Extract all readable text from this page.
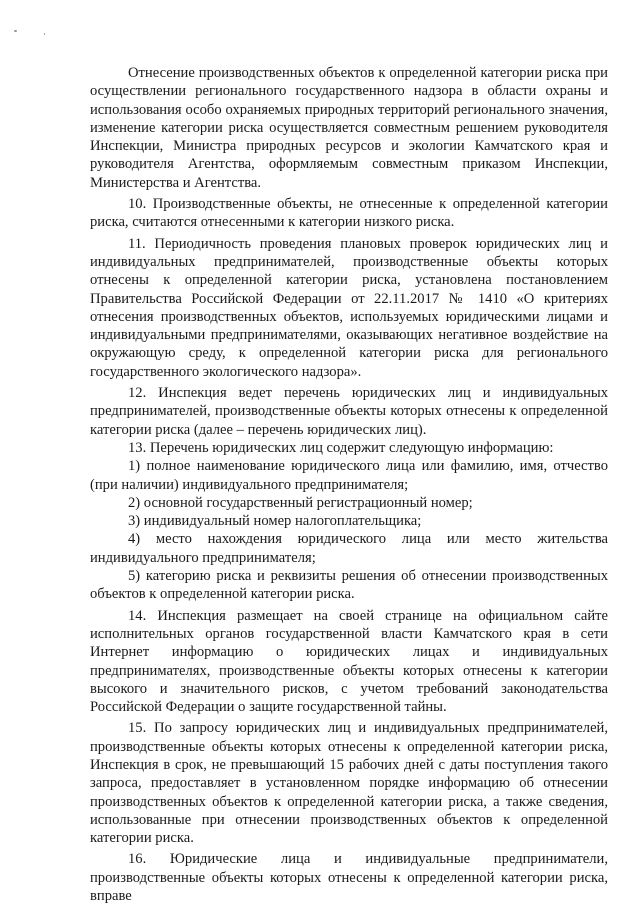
Отнесение производственных объектов к определенной категории риска при осуществлении регионального государственного надзора в области охраны и использования особо охраняемых природных территорий регионального значения, изменение категории риска осуществляется совместным решением руководителя Инспекции, Министра природных ресурсов и экологии Камчатского края и руководителя Агентства, оформляемым совместным приказом Инспекции, Министерства и Агентства.

10. Производственные объекты, не отнесенные к определенной категории риска, считаются отнесенными к категории низкого риска.

11. Периодичность проведения плановых проверок юридических лиц и индивидуальных предпринимателей, производственные объекты которых отнесены к определенной категории риска, установлена постановлением Правительства Российской Федерации от 22.11.2017 № 1410 «О критериях отнесения производственных объектов, используемых юридическими лицами и индивидуальными предпринимателями, оказывающих негативное воздействие на окружающую среду, к определенной категории риска для регионального государственного экологического надзора».

12. Инспекция ведет перечень юридических лиц и индивидуальных предпринимателей, производственные объекты которых отнесены к определенной категории риска (далее – перечень юридических лиц).

13. Перечень юридических лиц содержит следующую информацию:

1) полное наименование юридического лица или фамилию, имя, отчество (при наличии) индивидуального предпринимателя;

2) основной государственный регистрационный номер;

3) индивидуальный номер налогоплательщика;

4) место нахождения юридического лица или место жительства индивидуального предпринимателя;

5) категорию риска и реквизиты решения об отнесении производственных объектов к определенной категории риска.

14. Инспекция размещает на своей странице на официальном сайте исполнительных органов государственной власти Камчатского края в сети Интернет информацию о юридических лицах и индивидуальных предпринимателях, производственные объекты которых отнесены к категории высокого и значительного рисков, с учетом требований законодательства Российской Федерации о защите государственной тайны.

15. По запросу юридических лиц и индивидуальных предпринимателей, производственные объекты которых отнесены к определенной категории риска, Инспекция в срок, не превышающий 15 рабочих дней с даты поступления такого запроса, предоставляет в установленном порядке информацию об отнесении производственных объектов к определенной категории риска, а также сведения, использованные при отнесении производственных объектов к определенной категории риска.

16. Юридические лица и индивидуальные предприниматели, производственные объекты которых отнесены к определенной категории риска, вправе
